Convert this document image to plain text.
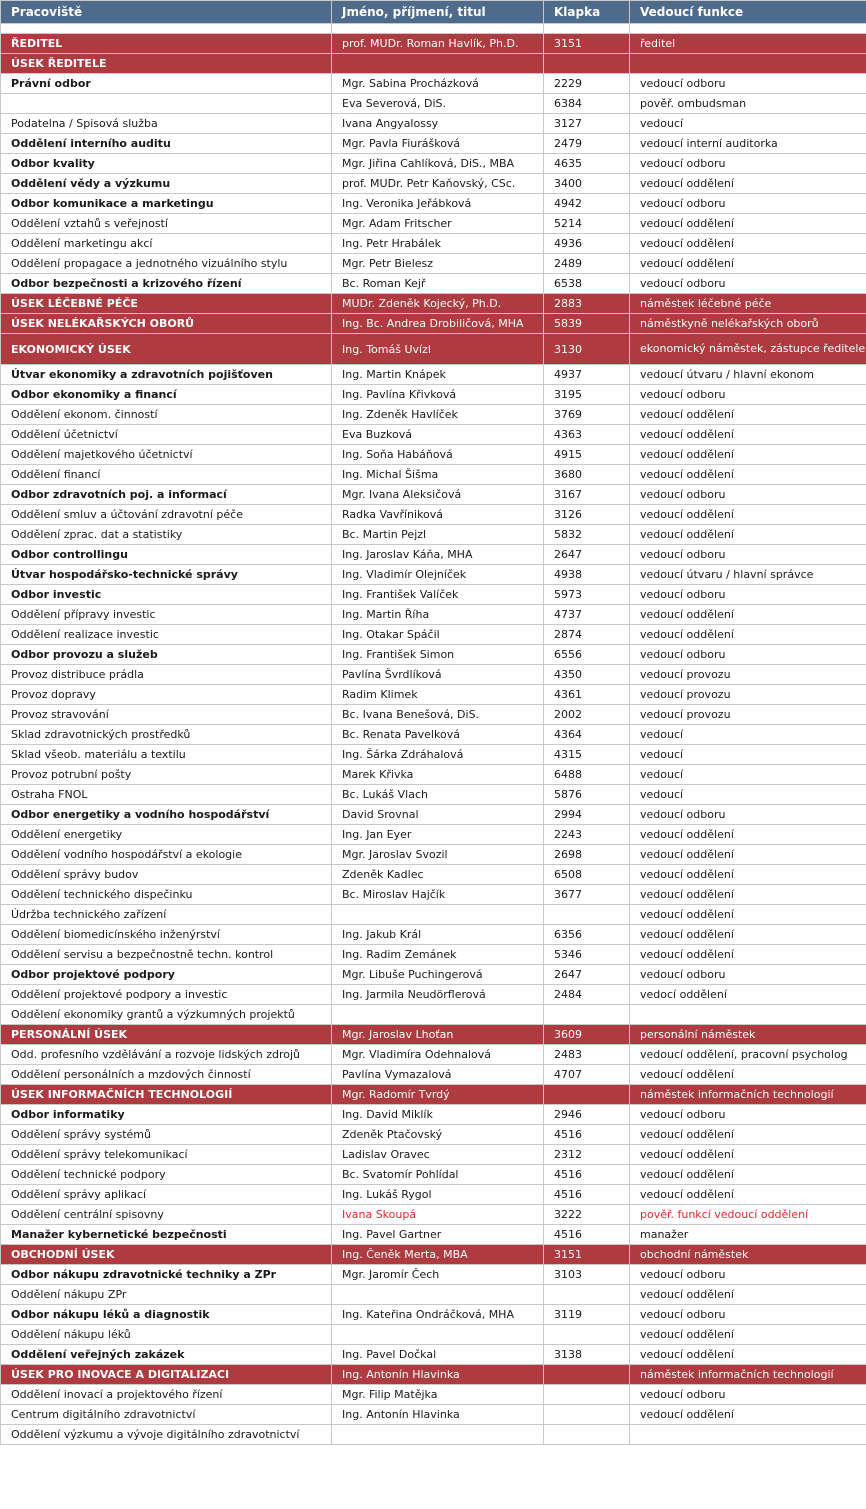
Pracoviště	Jméno, příjmení, titul	Klapka	Vedoucí funkce

ŘEDITEL	prof. MUDr. Roman Havlík, Ph.D.	3151	ředitel
ÚSEK ŘEDITELE			
Právní odbor	Mgr. Sabina Procházková	2229	vedoucí odboru
	Eva Severová, DiS.	6384	pověř. ombudsman
Podatelna / Spisová služba	Ivana Angyalossy	3127	vedoucí
Oddělení interního auditu	Mgr. Pavla Fiurášková	2479	vedoucí interní auditorka
Odbor kvality	Mgr. Jiřina Cahlíková, DiS., MBA	4635	vedoucí odboru
Oddělení vědy a výzkumu	prof. MUDr. Petr Kaňovský, CSc.	3400	vedoucí oddělení
Odbor komunikace a marketingu	Ing. Veronika Jeřábková	4942	vedoucí odboru
Oddělení vztahů s veřejností	Mgr. Adam Fritscher	5214	vedoucí oddělení
Oddělení marketingu akcí	Ing. Petr Hrabálek	4936	vedoucí oddělení
Oddělení propagace a jednotného vizuálního stylu	Mgr. Petr Bielesz	2489	vedoucí oddělení
Odbor bezpečnosti a krizového řízení	Bc. Roman Kejř	6538	vedoucí odboru
ÚSEK LÉČEBNÉ PÉČE	MUDr. Zdeněk Kojecký, Ph.D.	2883	náměstek léčebné péče
ÚSEK NELÉKAŘSKÝCH OBORŮ	Ing. Bc. Andrea Drobiličová, MHA	5839	náměstkyně nelékařských oborů
EKONOMICKÝ ÚSEK	Ing. Tomáš Uvízl	3130	ekonomický náměstek, zástupce ředitele
Útvar ekonomiky a zdravotních pojišťoven	Ing. Martin Knápek	4937	vedoucí útvaru / hlavní ekonom
Odbor ekonomiky a financí	Ing. Pavlína Křivková	3195	vedoucí odboru
Oddělení ekonom. činností	Ing. Zdeněk Havlíček	3769	vedoucí oddělení
Oddělení účetnictví	Eva Buzková	4363	vedoucí oddělení
Oddělení majetkového účetnictví	Ing. Soňa Habáňová	4915	vedoucí oddělení
Oddělení financí	Ing. Michal Šišma	3680	vedoucí oddělení
Odbor zdravotních poj. a informací	Mgr. Ivana Aleksičová	3167	vedoucí odboru
Oddělení smluv a účtování zdravotní péče	Radka Vavříniková	3126	vedoucí oddělení
Oddělení zprac. dat a statistiky	Bc. Martin Pejzl	5832	vedoucí oddělení
Odbor controllingu	Ing. Jaroslav Káňa, MHA	2647	vedoucí odboru
Útvar hospodářsko-technické správy	Ing. Vladimír Olejníček	4938	vedoucí útvaru / hlavní správce
Odbor investic	Ing. František Valíček	5973	vedoucí odboru
Oddělení přípravy investic	Ing. Martin Říha	4737	vedoucí oddělení
Oddělení realizace investic	Ing. Otakar Spáčil	2874	vedoucí oddělení
Odbor provozu a služeb	Ing. František Simon	6556	vedoucí odboru
Provoz distribuce prádla	Pavlína Švrdlíková	4350	vedoucí provozu
Provoz dopravy	Radim Klimek	4361	vedoucí provozu
Provoz stravování	Bc. Ivana Benešová, DiS.	2002	vedoucí provozu
Sklad zdravotnických prostředků	Bc. Renata Pavelková	4364	vedoucí
Sklad všeob. materiálu a textilu	Ing. Šárka Zdráhalová	4315	vedoucí
Provoz potrubní pošty	Marek Křivka	6488	vedoucí
Ostraha FNOL	Bc. Lukáš Vlach	5876	vedoucí
Odbor energetiky a vodního hospodářství	David Srovnal	2994	vedoucí odboru
Oddělení energetiky	Ing. Jan Eyer	2243	vedoucí oddělení
Oddělení vodního hospodářství a ekologie	Mgr. Jaroslav Svozil	2698	vedoucí oddělení
Oddělení správy budov	Zdeněk Kadlec	6508	vedoucí oddělení
Oddělení technického dispečinku	Bc. Miroslav Hajčík	3677	vedoucí oddělení
Údržba technického zařízení			vedoucí oddělení
Oddělení biomedicínského inženýrství	Ing. Jakub Král	6356	vedoucí oddělení
Oddělení servisu a bezpečnostně techn. kontrol	Ing. Radim Zemánek	5346	vedoucí oddělení
Odbor projektové podpory	Mgr. Libuše Puchingerová	2647	vedoucí odboru
Oddělení projektové podpory a investic	Ing. Jarmila Neudörflerová	2484	vedocí oddělení
Oddělení ekonomiky grantů a výzkumných projektů			
PERSONÁLNÍ ÚSEK	Mgr. Jaroslav Lhoťan	3609	personální náměstek
Odd. profesního vzdělávání a rozvoje lidských zdrojů	Mgr. Vladimíra Odehnalová	2483	vedoucí oddělení, pracovní psycholog
Oddělení personálních a mzdových činností	Pavlína Vymazalová	4707	vedoucí oddělení
ÚSEK INFORMAČNÍCH TECHNOLOGIÍ	Mgr. Radomír Tvrdý		náměstek informačních technologií
Odbor informatiky	Ing. David Miklík	2946	vedoucí odboru
Oddělení správy systémů	Zdeněk Ptačovský	4516	vedoucí oddělení
Oddělení správy telekomunikací	Ladislav Oravec	2312	vedoucí oddělení
Oddělení technické podpory	Bc. Svatomír Pohlídal	4516	vedoucí oddělení
Oddělení správy aplikací	Ing. Lukáš Rygol	4516	vedoucí oddělení
Oddělení centrální spisovny	Ivana Skoupá	3222	pověř. funkcí vedoucí oddělení
Manažer kybernetické bezpečnosti	Ing. Pavel Gartner	4516	manažer
OBCHODNÍ ÚSEK	Ing. Čeněk Merta, MBA	3151	obchodní náměstek
Odbor nákupu zdravotnické techniky a ZPr	Mgr. Jaromír Čech	3103	vedoucí odboru
Oddělení nákupu ZPr			vedoucí oddělení
Odbor nákupu léků a diagnostik	Ing. Kateřina Ondráčková, MHA	3119	vedoucí odboru
Oddělení nákupu léků			vedoucí oddělení
Oddělení veřejných zakázek	Ing. Pavel Dočkal	3138	vedoucí oddělení
ÚSEK PRO INOVACE A DIGITALIZACI	Ing. Antonín Hlavinka		náměstek informačních technologií
Oddělení inovací a projektového řízení	Mgr. Filip Matějka		vedoucí odboru
Centrum digitálního zdravotnictví	Ing. Antonín Hlavinka		vedoucí oddělení
Oddělení výzkumu a vývoje digitálního zdravotnictví			
